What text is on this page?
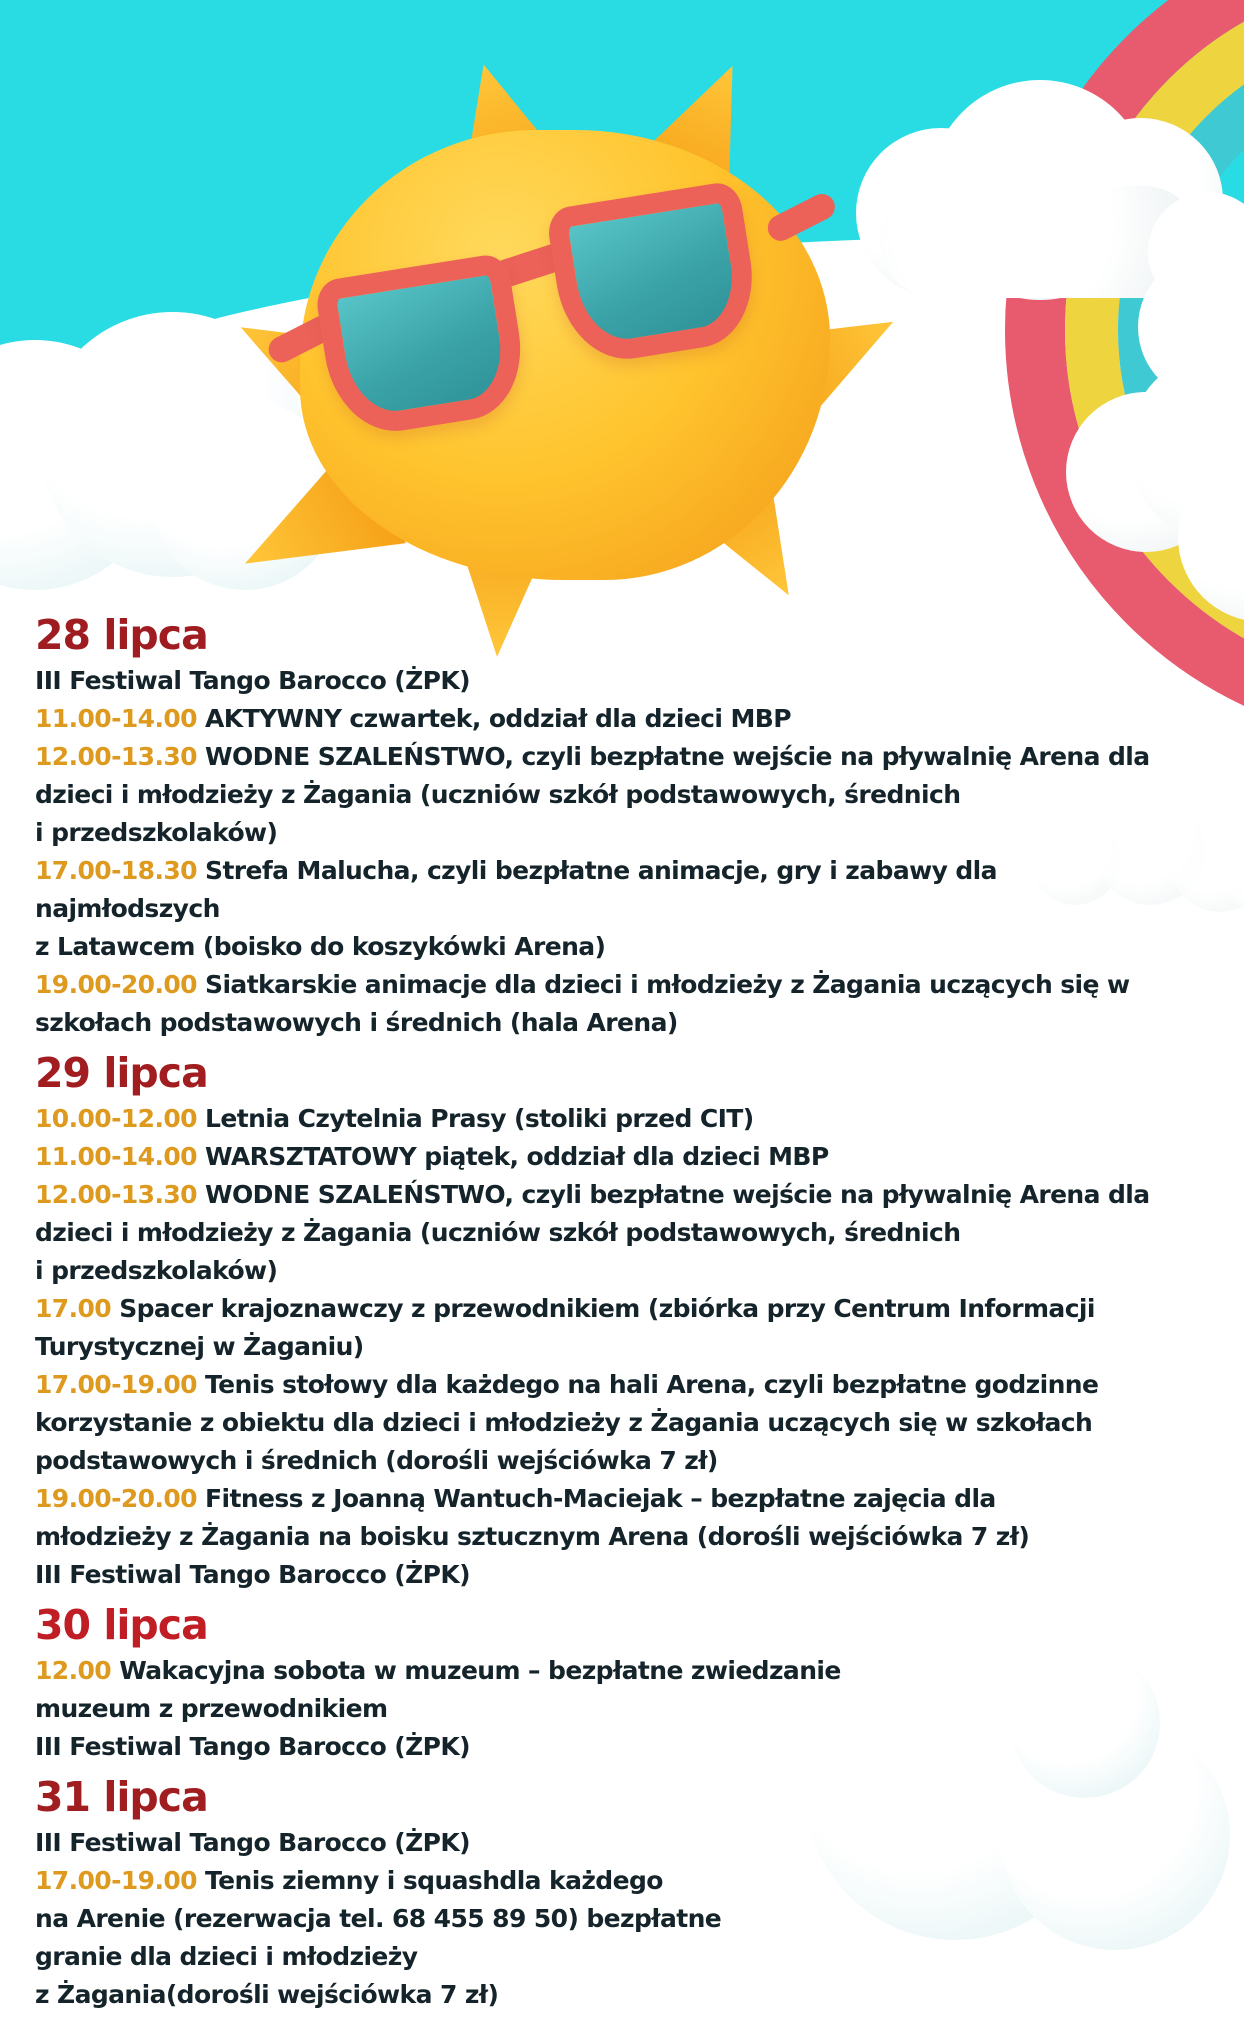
28 lipca
III Festiwal Tango Barocco (ŻPK)
11.00-14.00 AKTYWNY czwartek, oddział dla dzieci MBP
12.00-13.30 WODNE SZALEŃSTWO, czyli bezpłatne wejście na pływalnię Arena dla
dzieci i młodzieży z Żagania (uczniów szkół podstawowych, średnich
i przedszkolaków)
17.00-18.30 Strefa Malucha, czyli bezpłatne animacje, gry i zabawy dla
najmłodszych
z Latawcem (boisko do koszykówki Arena)
19.00-20.00 Siatkarskie animacje dla dzieci i młodzieży z Żagania uczących się w
szkołach podstawowych i średnich (hala Arena)
29 lipca
10.00-12.00 Letnia Czytelnia Prasy (stoliki przed CIT)
11.00-14.00 WARSZTATOWY piątek, oddział dla dzieci MBP
12.00-13.30 WODNE SZALEŃSTWO, czyli bezpłatne wejście na pływalnię Arena dla
dzieci i młodzieży z Żagania (uczniów szkół podstawowych, średnich
i przedszkolaków)
17.00 Spacer krajoznawczy z przewodnikiem (zbiórka przy Centrum Informacji
Turystycznej w Żaganiu)
17.00-19.00 Tenis stołowy dla każdego na hali Arena, czyli bezpłatne godzinne
korzystanie z obiektu dla dzieci i młodzieży z Żagania uczących się w szkołach
podstawowych i średnich (dorośli wejściówka 7 zł)
19.00-20.00 Fitness z Joanną Wantuch-Maciejak – bezpłatne zajęcia dla
młodzieży z Żagania na boisku sztucznym Arena (dorośli wejściówka 7 zł)
III Festiwal Tango Barocco (ŻPK)
30 lipca
12.00 Wakacyjna sobota w muzeum – bezpłatne zwiedzanie
muzeum z przewodnikiem
III Festiwal Tango Barocco (ŻPK)
31 lipca
III Festiwal Tango Barocco (ŻPK)
17.00-19.00 Tenis ziemny i squashdla każdego
na Arenie (rezerwacja tel. 68 455 89 50) bezpłatne
granie dla dzieci i młodzieży
z Żagania(dorośli wejściówka 7 zł)
